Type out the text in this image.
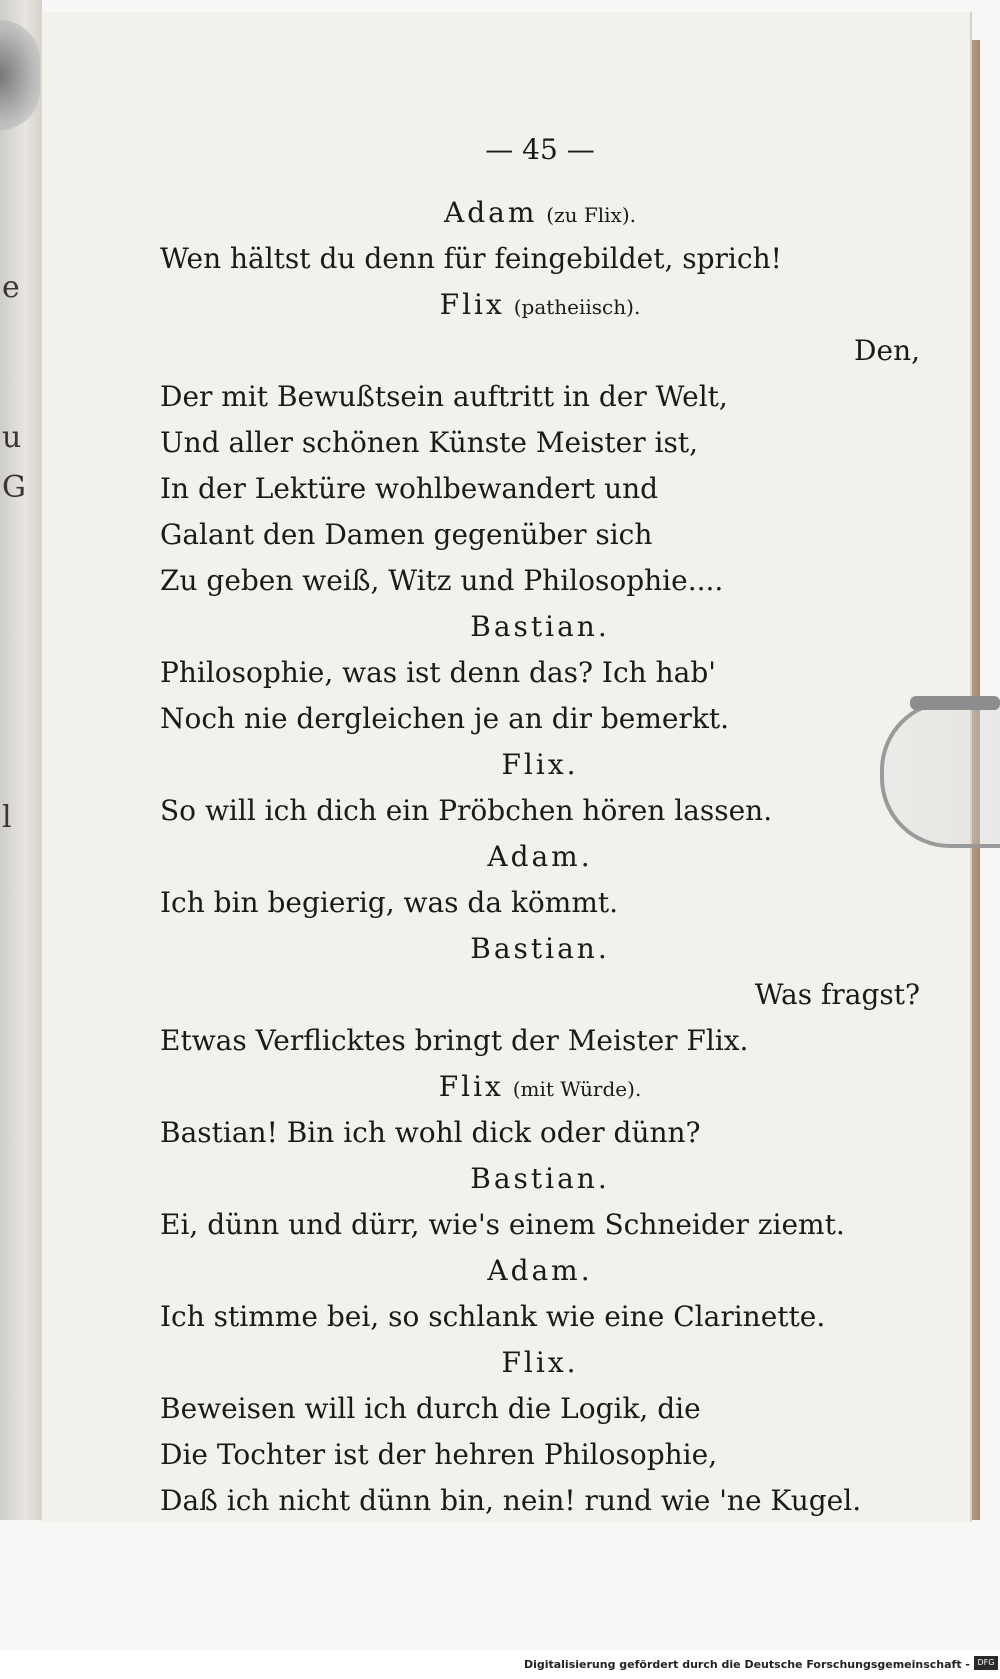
e
u
G
l
— 45 —
Adam (zu Flix).
Wen hältst du denn für feingebildet, sprich!
Flix (patheiisch).
Den,
Der mit Bewußtsein auftritt in der Welt,
Und aller schönen Künste Meister ist,
In der Lektüre wohlbewandert und
Galant den Damen gegenüber sich
Zu geben weiß, Witz und Philosophie....
Bastian.
Philosophie, was ist denn das? Ich hab'
Noch nie dergleichen je an dir bemerkt.
Flix.
So will ich dich ein Pröbchen hören lassen.
Adam.
Ich bin begierig, was da kömmt.
Bastian.
Was fragst?
Etwas Verflicktes bringt der Meister Flix.
Flix (mit Würde).
Bastian! Bin ich wohl dick oder dünn?
Bastian.
Ei, dünn und dürr, wie's einem Schneider ziemt.
Adam.
Ich stimme bei, so schlank wie eine Clarinette.
Flix.
Beweisen will ich durch die Logik, die
Die Tochter ist der hehren Philosophie,
Daß ich nicht dünn bin, nein! rund wie 'ne Kugel.
Digitalisierung gefördert durch die Deutsche Forschungsgemeinschaft - DFG
